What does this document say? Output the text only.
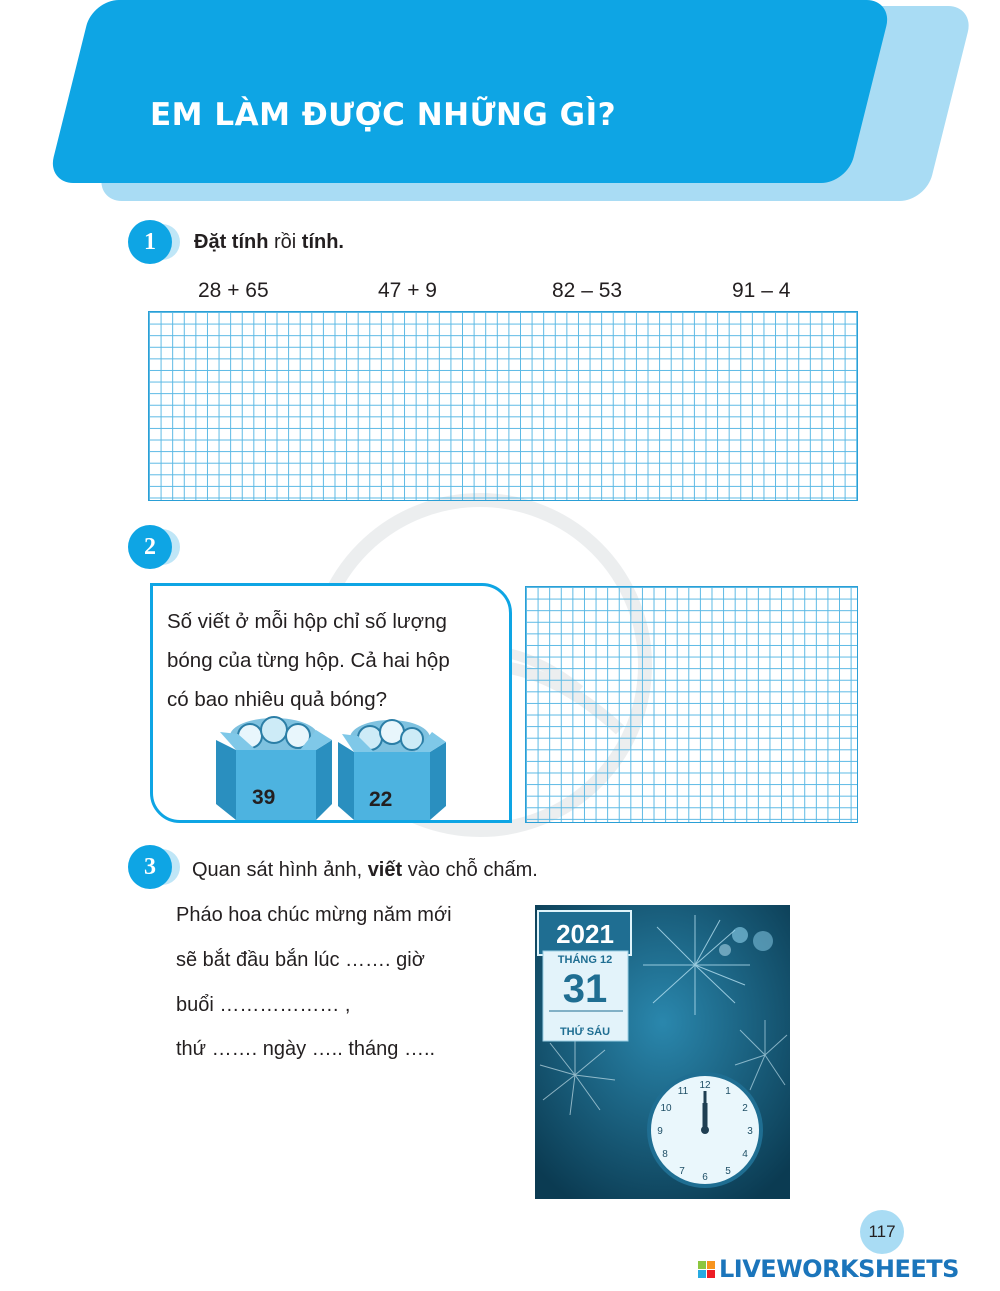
EM LÀM ĐƯỢC NHỮNG GÌ?
1 Đặt tính rồi tính.
28 + 65	47 + 9	82 – 53	91 – 4
2
Số viết ở mỗi hộp chỉ số lượng
bóng của từng hộp. Cả hai hộp
có bao nhiêu quả bóng?
39	22
3 Quan sát hình ảnh, viết vào chỗ chấm.
Pháo hoa chúc mừng năm mới
sẽ bắt đầu bắn lúc ……. giờ
buổi ……………… ,
thứ ……. ngày ….. tháng …..
2021
THÁNG 12
31
THỨ SÁU
12
1
2
3
4
5
6
7
8
9
10
11
117
LIVEWORKSHEETS
